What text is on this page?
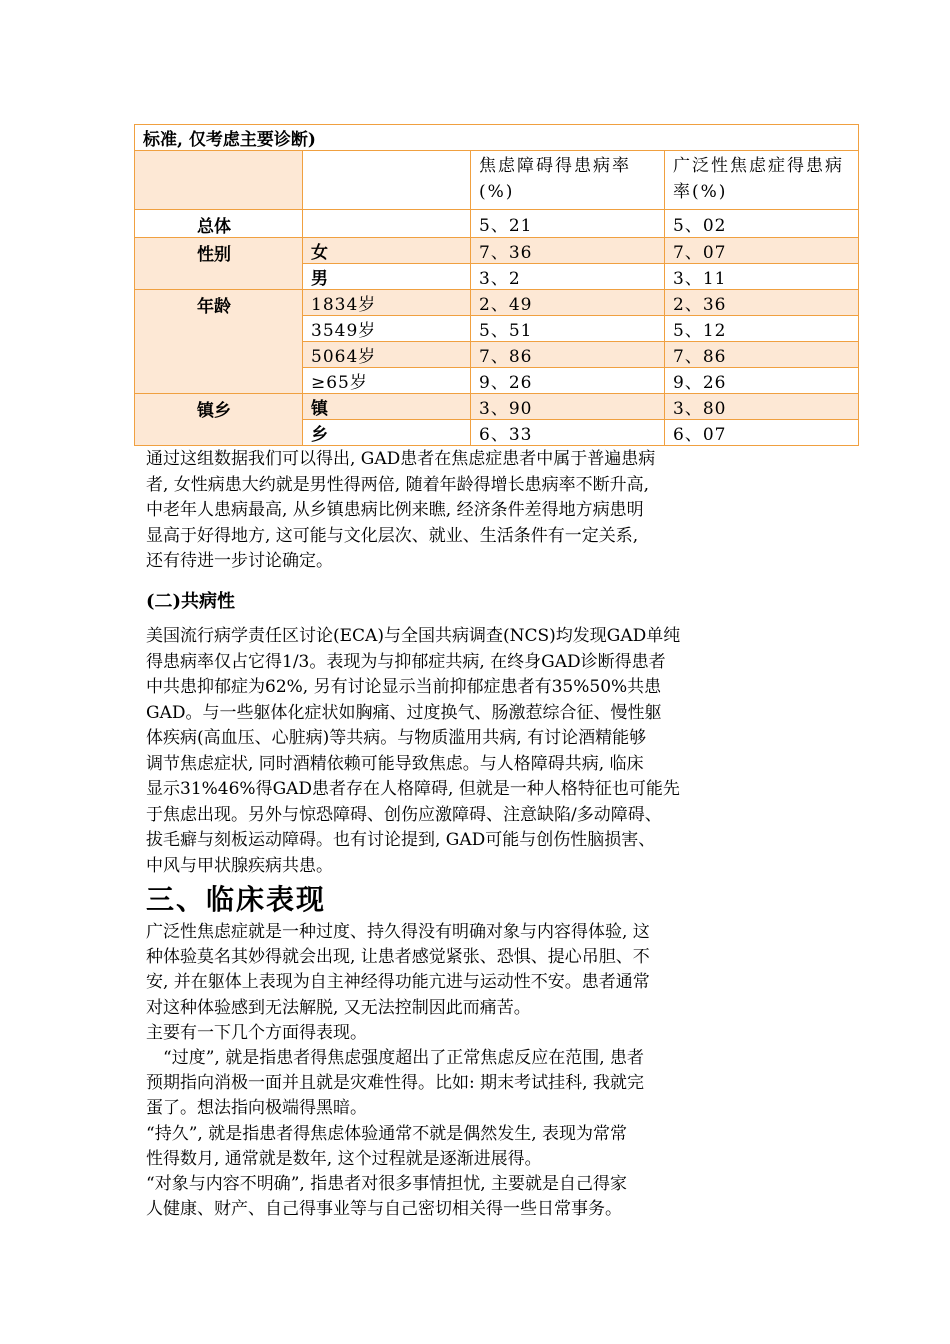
标准, 仅考虑主要诊断)			
		焦虑障碍得患病率(%)	广泛性焦虑症得患病率(%)
总体		5、21	5、02
性别	女	7、36	7、07
	男	3、2	3、11
年龄	1834岁	2、49	2、36
	3549岁	5、51	5、12
	5064岁	7、86	7、86
	≥65岁	9、26	9、26
镇乡	镇	3、90	3、80
	乡	6、33	6、07

通过这组数据我们可以得出, GAD患者在焦虑症患者中属于普遍患病

者, 女性病患大约就是男性得两倍, 随着年龄得增长患病率不断升高,

中老年人患病最高, 从乡镇患病比例来瞧, 经济条件差得地方病患明

显高于好得地方, 这可能与文化层次、就业、生活条件有一定关系,

还有待进一步讨论确定。

(二)共病性

美国流行病学责任区讨论(ECA)与全国共病调查(NCS)均发现GAD单纯

得患病率仅占它得1/3。表现为与抑郁症共病, 在终身GAD诊断得患者

中共患抑郁症为62%, 另有讨论显示当前抑郁症患者有35%50%共患

GAD。与一些躯体化症状如胸痛、过度换气、肠激惹综合征、慢性躯

体疾病(高血压、心脏病)等共病。与物质滥用共病, 有讨论酒精能够

调节焦虑症状, 同时酒精依赖可能导致焦虑。与人格障碍共病, 临床

显示31%46%得GAD患者存在人格障碍, 但就是一种人格特征也可能先

于焦虑出现。另外与惊恐障碍、创伤应激障碍、注意缺陷/多动障碍、

拔毛癖与刻板运动障碍。也有讨论提到, GAD可能与创伤性脑损害、

中风与甲状腺疾病共患。

三、临床表现

广泛性焦虑症就是一种过度、持久得没有明确对象与内容得体验, 这

种体验莫名其妙得就会出现, 让患者感觉紧张、恐惧、提心吊胆、不

安, 并在躯体上表现为自主神经得功能亢进与运动性不安。患者通常

对这种体验感到无法解脱, 又无法控制因此而痛苦。

主要有一下几个方面得表现。

　“过度”, 就是指患者得焦虑强度超出了正常焦虑反应在范围, 患者

预期指向消极一面并且就是灾难性得。比如: 期末考试挂科, 我就完

蛋了。想法指向极端得黑暗。

“持久”, 就是指患者得焦虑体验通常不就是偶然发生, 表现为常常

性得数月, 通常就是数年, 这个过程就是逐渐进展得。

“对象与内容不明确”, 指患者对很多事情担忧, 主要就是自己得家

人健康、财产、自己得事业等与自己密切相关得一些日常事务。
